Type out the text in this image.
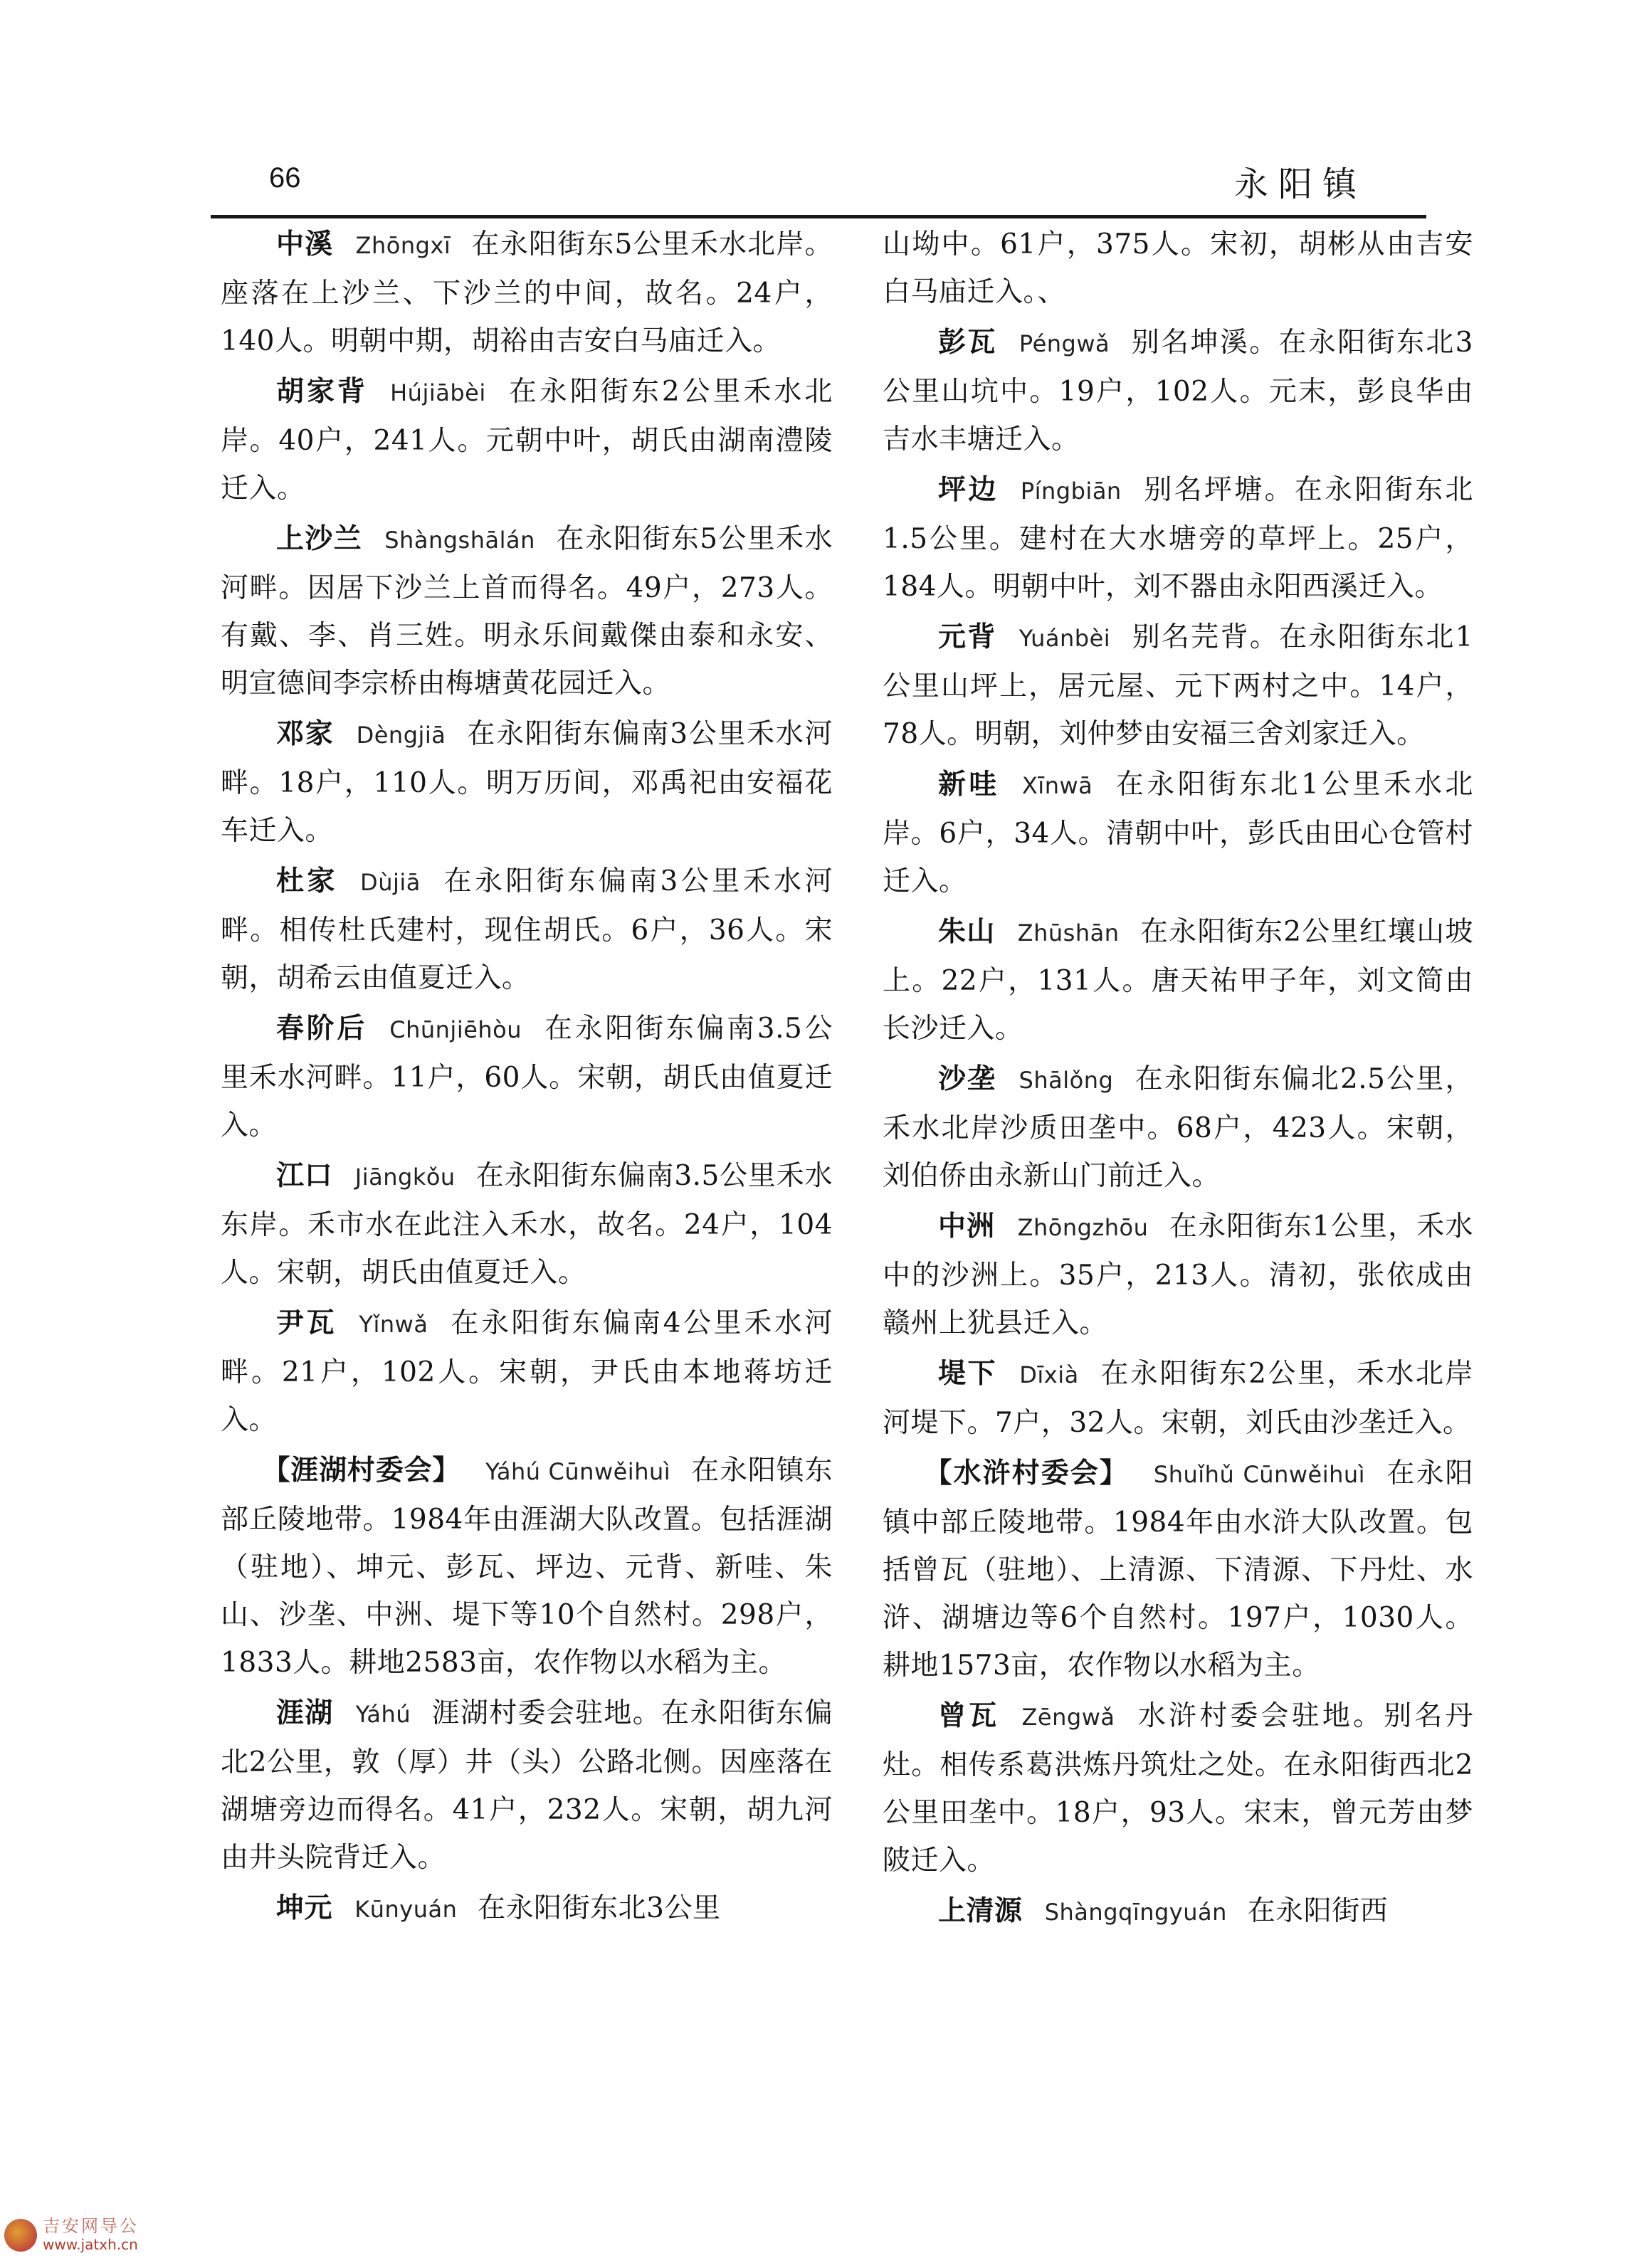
66	永阳镇

中溪 Zhōngxī 在永阳街东5公里禾水北岸。座落在上沙兰、下沙兰的中间，故名。24户，140人。明朝中期，胡裕由吉安白马庙迁入。

胡家背 Hújiābèi 在永阳街东2公里禾水北岸。40户，241人。元朝中叶，胡氏由湖南澧陵迁入。

上沙兰 Shàngshālán 在永阳街东5公里禾水河畔。因居下沙兰上首而得名。49户，273人。有戴、李、肖三姓。明永乐间戴傑由泰和永安、明宣德间李宗桥由梅塘黄花园迁入。

邓家 Dèngjiā 在永阳街东偏南3公里禾水河畔。18户，110人。明万历间，邓禹祀由安福花车迁入。

杜家 Dùjiā 在永阳街东偏南3公里禾水河畔。相传杜氏建村，现住胡氏。6户，36人。宋朝，胡希云由值夏迁入。

春阶后 Chūnjiēhòu 在永阳街东偏南3.5公里禾水河畔。11户，60人。宋朝，胡氏由值夏迁入。

江口 Jiāngkǒu 在永阳街东偏南3.5公里禾水东岸。禾市水在此注入禾水，故名。24户，104人。宋朝，胡氏由值夏迁入。

尹瓦 Yǐnwǎ 在永阳街东偏南4公里禾水河畔。21户，102人。宋朝，尹氏由本地蒋坊迁入。

【涯湖村委会】 Yáhú Cūnwěihuì 在永阳镇东部丘陵地带。1984年由涯湖大队改置。包括涯湖（驻地）、坤元、彭瓦、坪边、元背、新哇、朱山、沙垄、中洲、堤下等10个自然村。298户，1833人。耕地2583亩，农作物以水稻为主。

涯湖 Yáhú 涯湖村委会驻地。在永阳街东偏北2公里，敦（厚）井（头）公路北侧。因座落在湖塘旁边而得名。41户，232人。宋朝，胡九河由井头院背迁入。

坤元 Kūnyuán 在永阳街东北3公里

山坳中。61户，375人。宋初，胡彬从由吉安白马庙迁入。、

彭瓦 Péngwǎ 别名坤溪。在永阳街东北3公里山坑中。19户，102人。元末，彭良华由吉水丰塘迁入。

坪边 Píngbiān 别名坪塘。在永阳街东北1.5公里。建村在大水塘旁的草坪上。25户，184人。明朝中叶，刘不器由永阳西溪迁入。

元背 Yuánbèi 别名芫背。在永阳街东北1公里山坪上，居元屋、元下两村之中。14户，78人。明朝，刘仲梦由安福三舍刘家迁入。

新哇 Xīnwā 在永阳街东北1公里禾水北岸。6户，34人。清朝中叶，彭氏由田心仓管村迁入。

朱山 Zhūshān 在永阳街东2公里红壤山坡上。22户，131人。唐天祐甲子年，刘文简由长沙迁入。

沙垄 Shālǒng 在永阳街东偏北2.5公里，禾水北岸沙质田垄中。68户，423人。宋朝，刘伯侨由永新山门前迁入。

中洲 Zhōngzhōu 在永阳街东1公里，禾水中的沙洲上。35户，213人。清初，张依成由赣州上犹县迁入。

堤下 Dīxià 在永阳街东2公里，禾水北岸河堤下。7户，32人。宋朝，刘氏由沙垄迁入。

【水浒村委会】 Shuǐhǔ Cūnwěihuì 在永阳镇中部丘陵地带。1984年由水浒大队改置。包括曾瓦（驻地）、上清源、下清源、下丹灶、水浒、湖塘边等6个自然村。197户，1030人。耕地1573亩，农作物以水稻为主。

曾瓦 Zēngwǎ 水浒村委会驻地。别名丹灶。相传系葛洪炼丹筑灶之处。在永阳街西北2公里田垄中。18户，93人。宋末，曾元芳由梦陂迁入。

上清源 Shàngqīngyuán 在永阳街西

吉安网导公
www.jatxh.cn
